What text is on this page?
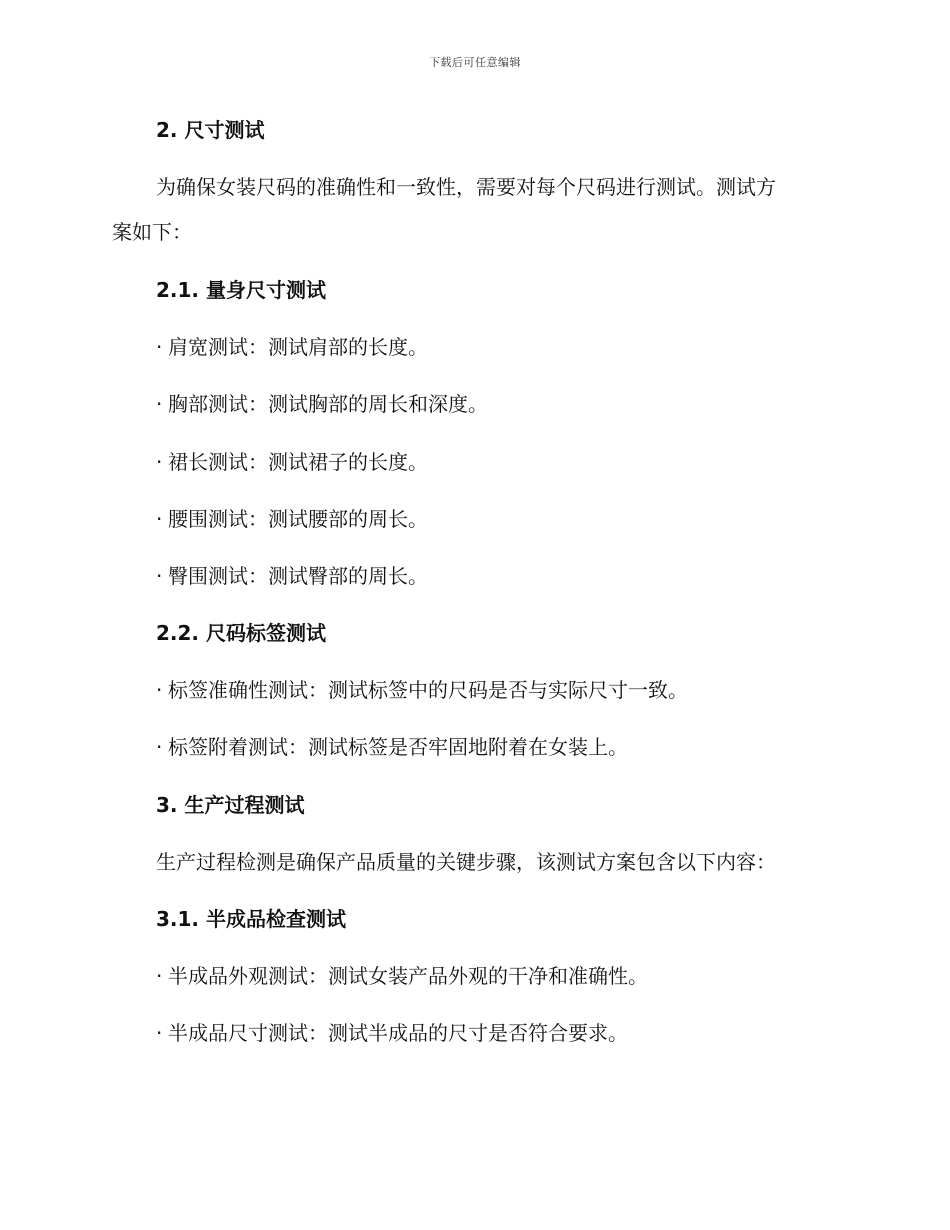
下载后可任意编辑
2. 尺寸测试
为确保女装尺码的准确性和一致性，需要对每个尺码进行测试。测试方
案如下：
2.1. 量身尺寸测试
· 肩宽测试：测试肩部的长度。
· 胸部测试：测试胸部的周长和深度。
· 裙长测试：测试裙子的长度。
· 腰围测试：测试腰部的周长。
· 臀围测试：测试臀部的周长。
2.2. 尺码标签测试
· 标签准确性测试：测试标签中的尺码是否与实际尺寸一致。
· 标签附着测试：测试标签是否牢固地附着在女装上。
3. 生产过程测试
生产过程检测是确保产品质量的关键步骤，该测试方案包含以下内容：
3.1. 半成品检查测试
· 半成品外观测试：测试女装产品外观的干净和准确性。
· 半成品尺寸测试：测试半成品的尺寸是否符合要求。
